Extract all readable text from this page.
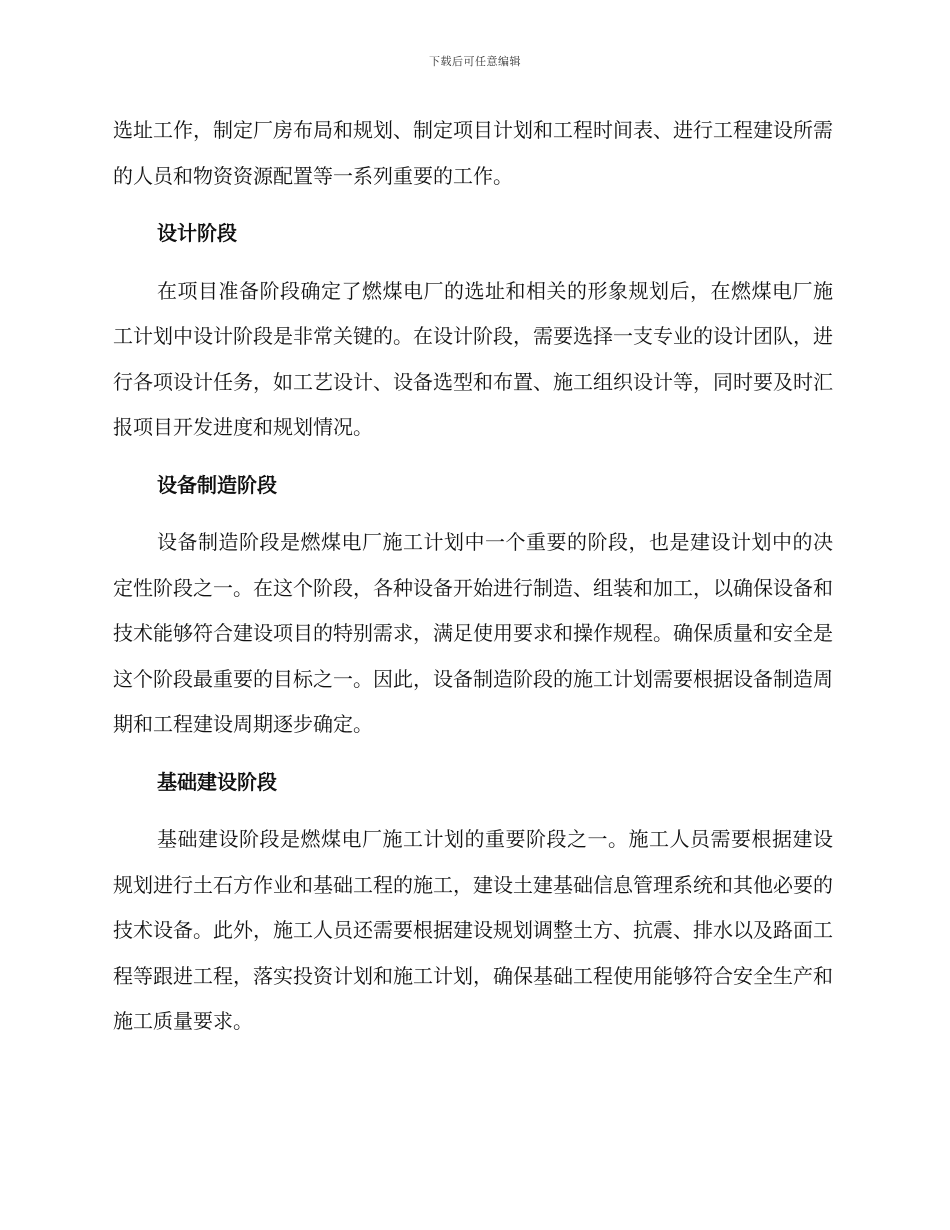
下载后可任意编辑

选址工作，制定厂房布局和规划、制定项目计划和工程时间表、进行工程建设所需的人员和物资资源配置等一系列重要的工作。

设计阶段

在项目准备阶段确定了燃煤电厂的选址和相关的形象规划后，在燃煤电厂施工计划中设计阶段是非常关键的。在设计阶段，需要选择一支专业的设计团队，进行各项设计任务，如工艺设计、设备选型和布置、施工组织设计等，同时要及时汇报项目开发进度和规划情况。

设备制造阶段

设备制造阶段是燃煤电厂施工计划中一个重要的阶段，也是建设计划中的决定性阶段之一。在这个阶段，各种设备开始进行制造、组装和加工，以确保设备和技术能够符合建设项目的特别需求，满足使用要求和操作规程。确保质量和安全是这个阶段最重要的目标之一。因此，设备制造阶段的施工计划需要根据设备制造周期和工程建设周期逐步确定。

基础建设阶段

基础建设阶段是燃煤电厂施工计划的重要阶段之一。施工人员需要根据建设规划进行土石方作业和基础工程的施工，建设土建基础信息管理系统和其他必要的技术设备。此外，施工人员还需要根据建设规划调整土方、抗震、排水以及路面工程等跟进工程，落实投资计划和施工计划，确保基础工程使用能够符合安全生产和施工质量要求。
